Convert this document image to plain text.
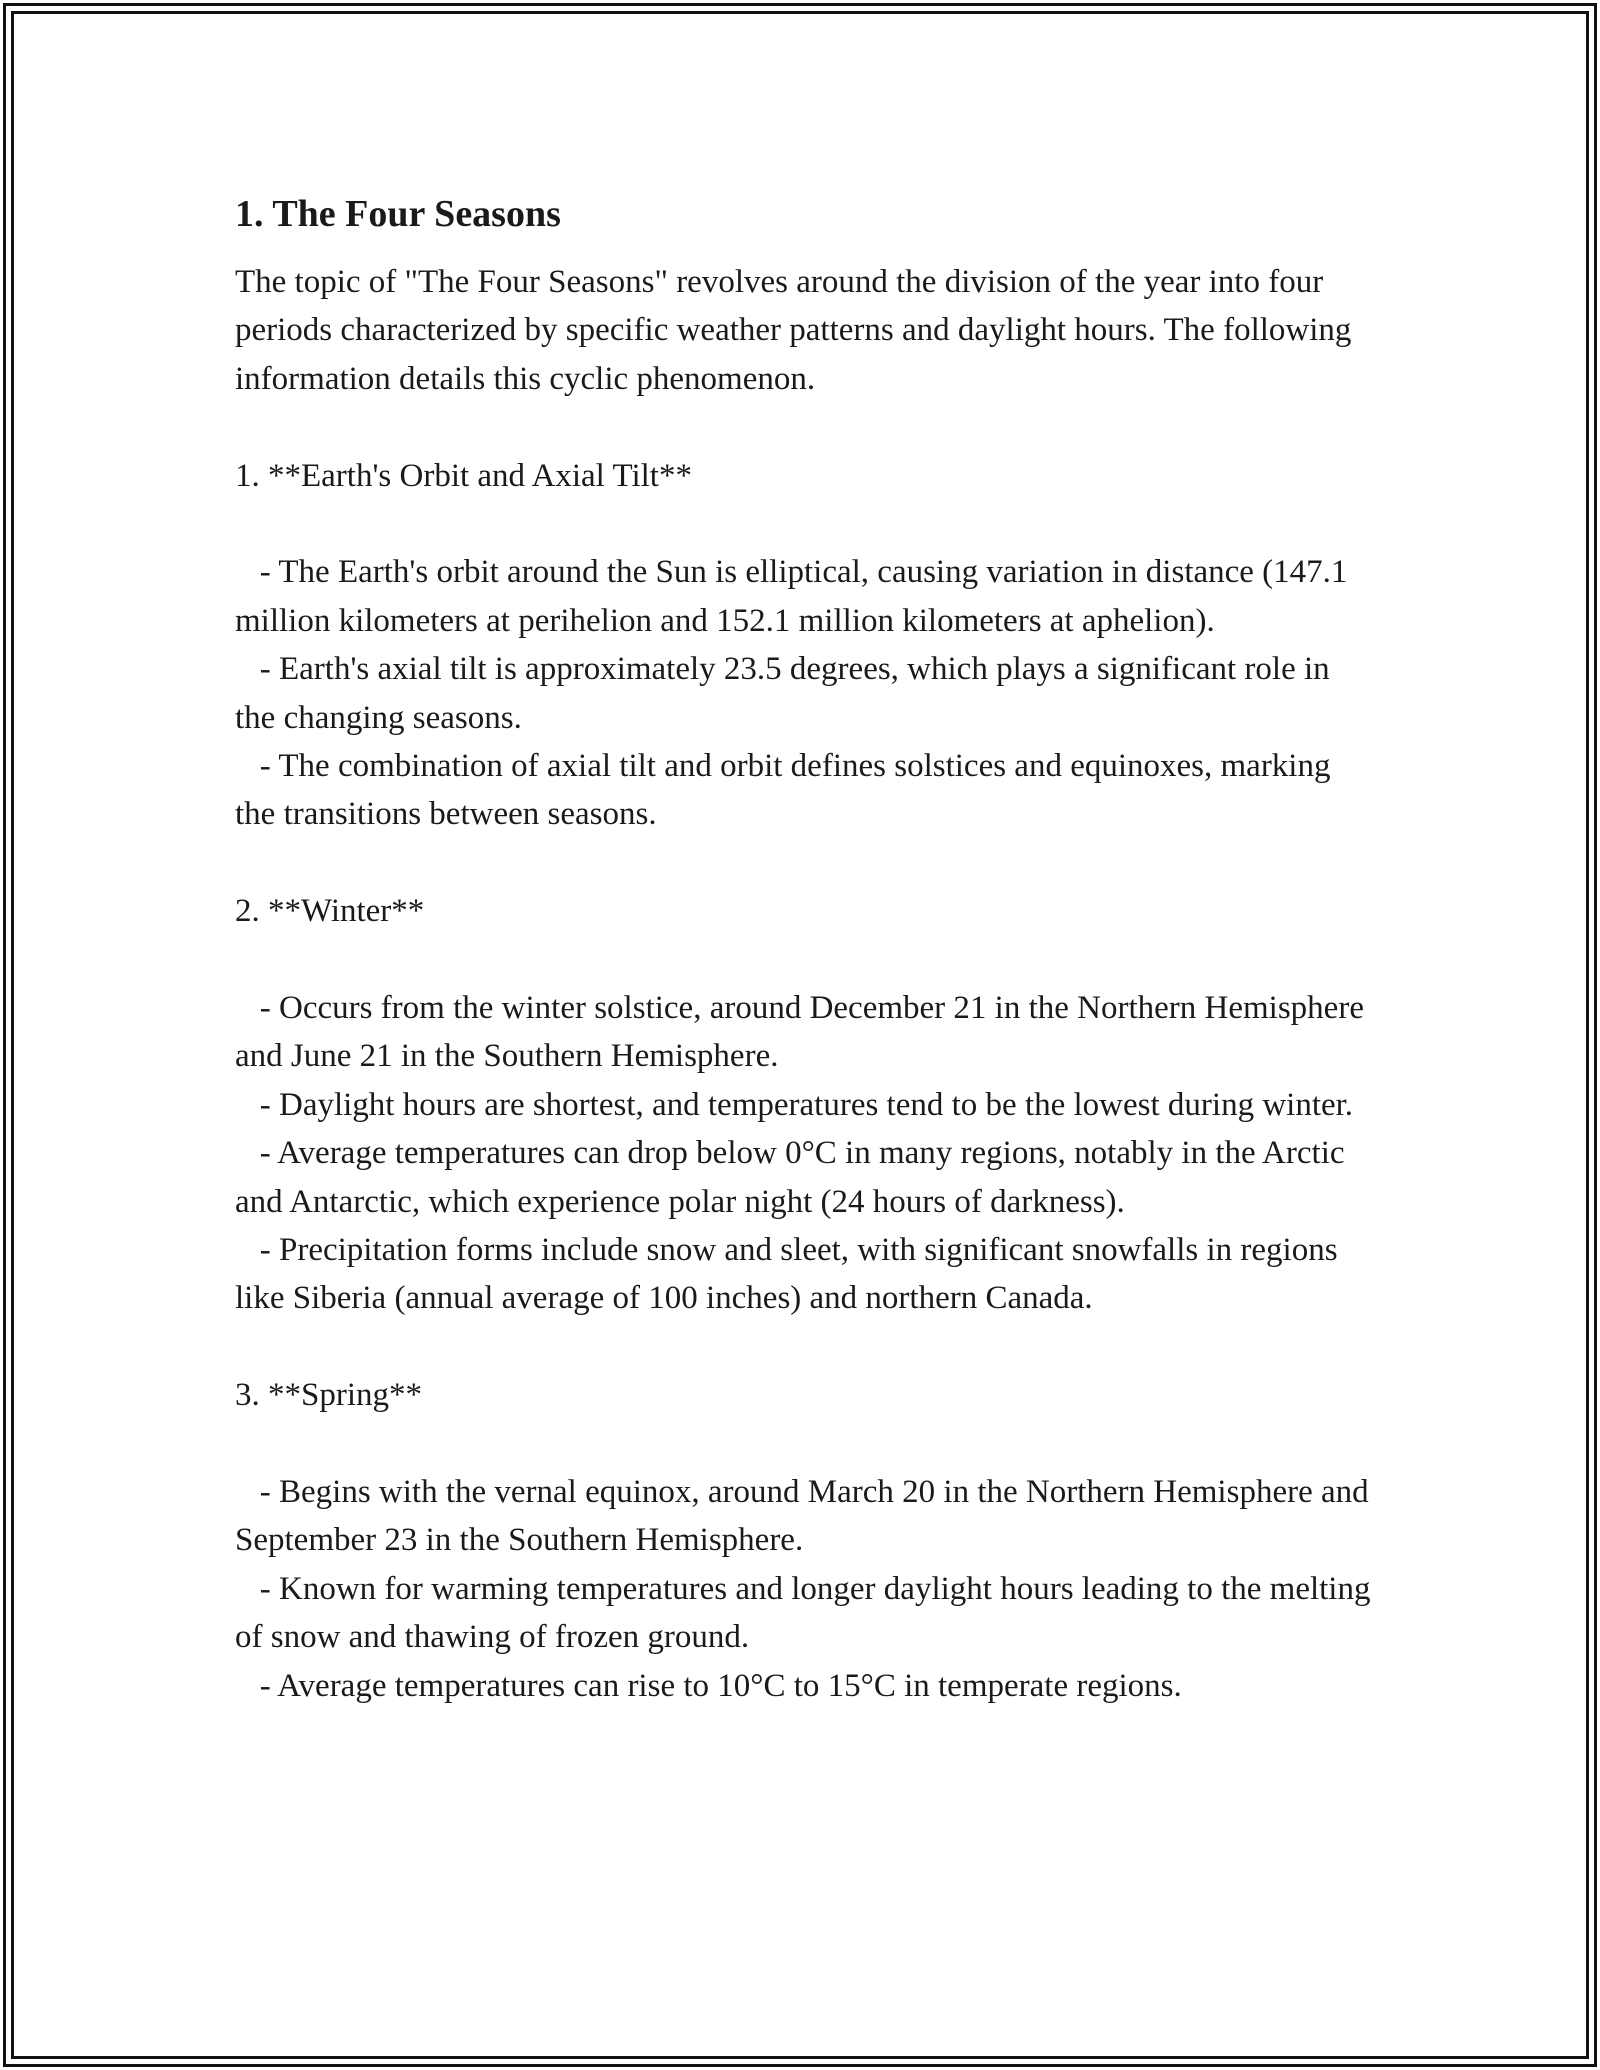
1. The Four Seasons

The topic of "The Four Seasons" revolves around the division of the year into four periods characterized by specific weather patterns and daylight hours. The following information details this cyclic phenomenon.

1. **Earth's Orbit and Axial Tilt**

- The Earth's orbit around the Sun is elliptical, causing variation in distance (147.1 million kilometers at perihelion and 152.1 million kilometers at aphelion).

- Earth's axial tilt is approximately 23.5 degrees, which plays a significant role in the changing seasons.

- The combination of axial tilt and orbit defines solstices and equinoxes, marking the transitions between seasons.

2. **Winter**

- Occurs from the winter solstice, around December 21 in the Northern Hemisphere and June 21 in the Southern Hemisphere.

- Daylight hours are shortest, and temperatures tend to be the lowest during winter.

- Average temperatures can drop below 0°C in many regions, notably in the Arctic and Antarctic, which experience polar night (24 hours of darkness).

- Precipitation forms include snow and sleet, with significant snowfalls in regions like Siberia (annual average of 100 inches) and northern Canada.

3. **Spring**

- Begins with the vernal equinox, around March 20 in the Northern Hemisphere and September 23 in the Southern Hemisphere.

- Known for warming temperatures and longer daylight hours leading to the melting of snow and thawing of frozen ground.

- Average temperatures can rise to 10°C to 15°C in temperate regions.
